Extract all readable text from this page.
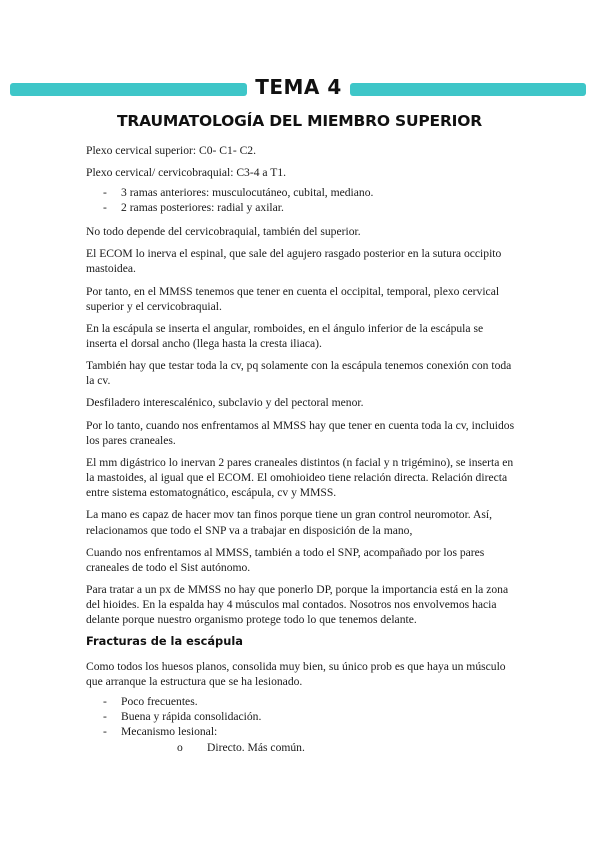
TEMA 4
TRAUMATOLOGÍA DEL MIEMBRO SUPERIOR

Plexo cervical superior: C0- C1- C2.

Plexo cervical/ cervicobraquial: C3-4 a T1.

- 3 ramas anteriores: musculocutáneo, cubital, mediano.
- 2 ramas posteriores: radial y axilar.

No todo depende del cervicobraquial, también del superior.

El ECOM lo inerva el espinal, que sale del agujero rasgado posterior en la sutura occipito mastoidea.

Por tanto, en el MMSS tenemos que tener en cuenta el occipital, temporal, plexo cervical superior y el cervicobraquial.

En la escápula se inserta el angular, romboides, en el ángulo inferior de la escápula se inserta el dorsal ancho (llega hasta la cresta iliaca).

También hay que testar toda la cv, pq solamente con la escápula tenemos conexión con toda la cv.

Desfiladero interescalénico, subclavio y del pectoral menor.

Por lo tanto, cuando nos enfrentamos al MMSS hay que tener en cuenta toda la cv, incluidos los pares craneales.

El mm digástrico lo inervan 2 pares craneales distintos (n facial y n trigémino), se inserta en la mastoides, al igual que el ECOM. El omohioideo tiene relación directa. Relación directa entre sistema estomatognático, escápula, cv y MMSS.

La mano es capaz de hacer mov tan finos porque tiene un gran control neuromotor. Así, relacionamos que todo el SNP va a trabajar en disposición de la mano,

Cuando nos enfrentamos al MMSS, también a todo el SNP, acompañado por los pares craneales de todo el Sist autónomo.

Para tratar a un px de MMSS no hay que ponerlo DP, porque la importancia está en la zona del hioides. En la espalda hay 4 músculos mal contados. Nosotros nos envolvemos hacia delante porque nuestro organismo protege todo lo que tenemos delante.

Fracturas de la escápula

Como todos los huesos planos, consolida muy bien, su único prob es que haya un músculo que arranque la estructura que se ha lesionado.

- Poco frecuentes.
- Buena y rápida consolidación.
- Mecanismo lesional:
o Directo. Más común.
